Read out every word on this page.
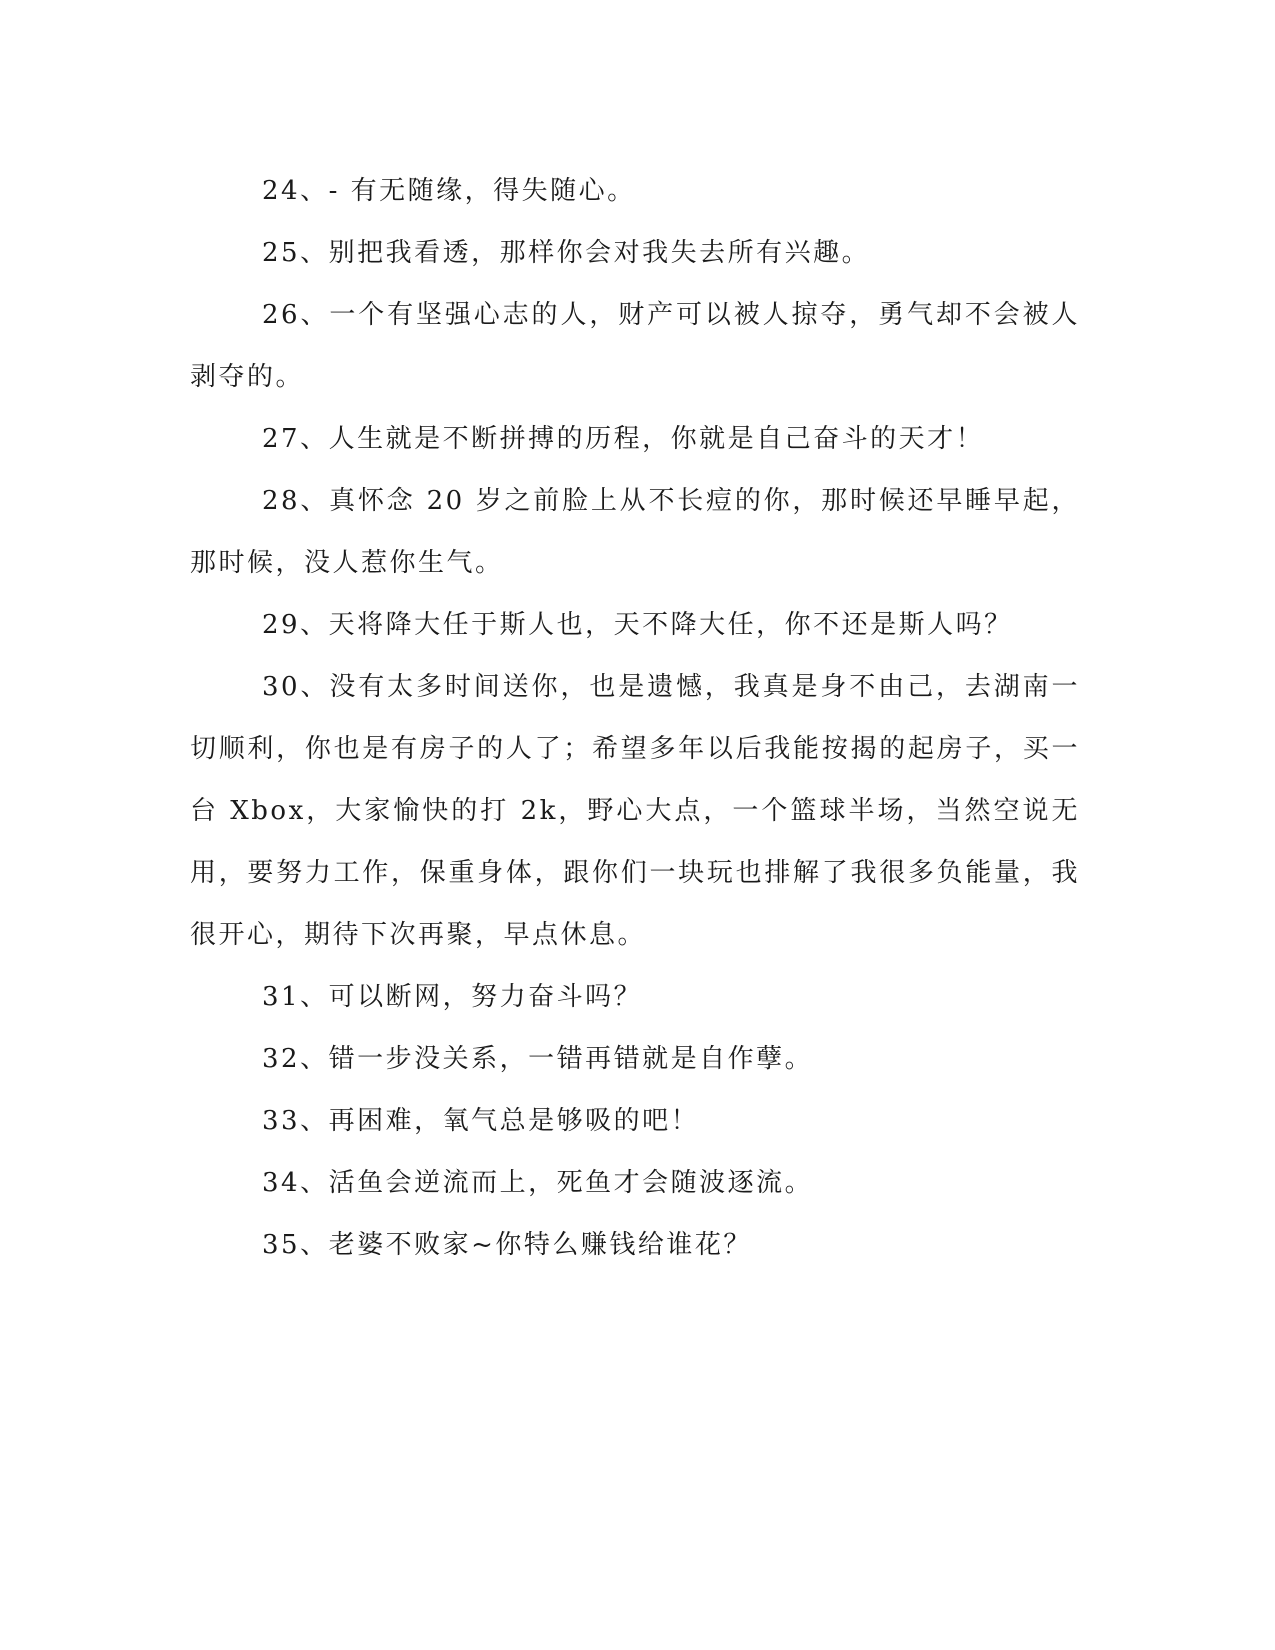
24、- 有无随缘，得失随心。

25、别把我看透，那样你会对我失去所有兴趣。

26、一个有坚强心志的人，财产可以被人掠夺，勇气却不会被人剥夺的。

27、人生就是不断拼搏的历程，你就是自己奋斗的天才！

28、真怀念 20 岁之前脸上从不长痘的你，那时候还早睡早起，那时候，没人惹你生气。

29、天将降大任于斯人也，天不降大任，你不还是斯人吗？

30、没有太多时间送你，也是遗憾，我真是身不由己，去湖南一切顺利，你也是有房子的人了；希望多年以后我能按揭的起房子，买一台 Xbox，大家愉快的打 2k，野心大点，一个篮球半场，当然空说无用，要努力工作，保重身体，跟你们一块玩也排解了我很多负能量，我很开心，期待下次再聚，早点休息。

31、可以断网，努力奋斗吗？

32、错一步没关系，一错再错就是自作孽。

33、再困难，氧气总是够吸的吧！

34、活鱼会逆流而上，死鱼才会随波逐流。

35、老婆不败家~你特么赚钱给谁花？
